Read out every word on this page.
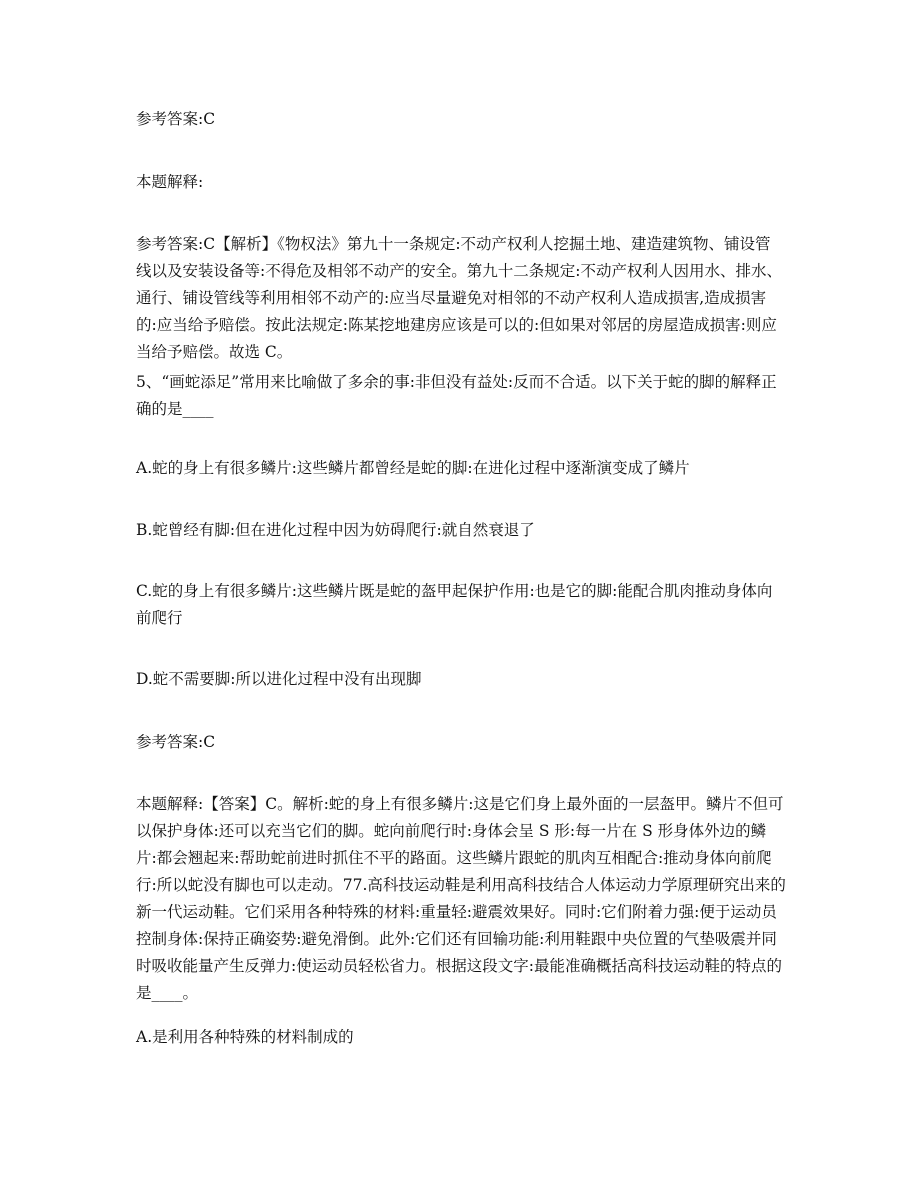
参考答案:C

本题解释:

参考答案:C【解析】《物权法》第九十一条规定:不动产权利人挖掘土地、建造建筑物、铺设管线以及安装设备等:不得危及相邻不动产的安全。第九十二条规定:不动产权利人因用水、排水、通行、铺设管线等利用相邻不动产的:应当尽量避免对相邻的不动产权利人造成损害,造成损害的:应当给予赔偿。按此法规定:陈某挖地建房应该是可以的:但如果对邻居的房屋造成损害:则应当给予赔偿。故选 C。

5、“画蛇添足”常用来比喻做了多余的事:非但没有益处:反而不合适。以下关于蛇的脚的解释正确的是____

A.蛇的身上有很多鳞片:这些鳞片都曾经是蛇的脚:在进化过程中逐渐演变成了鳞片

B.蛇曾经有脚:但在进化过程中因为妨碍爬行:就自然衰退了

C.蛇的身上有很多鳞片:这些鳞片既是蛇的盔甲起保护作用:也是它的脚:能配合肌肉推动身体向前爬行

D.蛇不需要脚:所以进化过程中没有出现脚

参考答案:C

本题解释:【答案】C。解析:蛇的身上有很多鳞片:这是它们身上最外面的一层盔甲。鳞片不但可以保护身体:还可以充当它们的脚。蛇向前爬行时:身体会呈 S 形:每一片在 S 形身体外边的鳞片:都会翘起来:帮助蛇前进时抓住不平的路面。这些鳞片跟蛇的肌肉互相配合:推动身体向前爬行:所以蛇没有脚也可以走动。77.高科技运动鞋是利用高科技结合人体运动力学原理研究出来的新一代运动鞋。它们采用各种特殊的材料:重量轻:避震效果好。同时:它们附着力强:便于运动员控制身体:保持正确姿势:避免滑倒。此外:它们还有回输功能:利用鞋跟中央位置的气垫吸震并同时吸收能量产生反弹力:使运动员轻松省力。根据这段文字:最能准确概括高科技运动鞋的特点的是____。

A.是利用各种特殊的材料制成的
